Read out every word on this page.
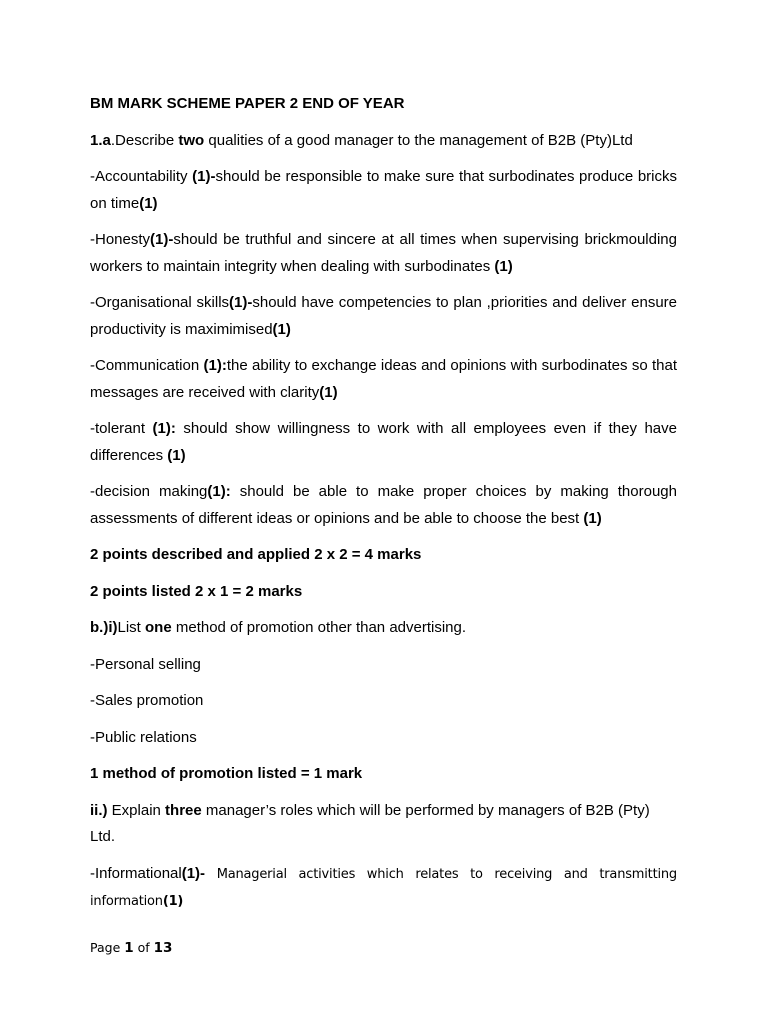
BM MARK SCHEME PAPER 2 END OF YEAR

1.a.Describe two qualities of a good manager to the management of B2B (Pty)Ltd

-Accountability (1)-should be responsible to make sure that surbodinates produce bricks on time(1)

-Honesty(1)-should be truthful and sincere at all times when supervising brickmoulding workers to maintain integrity when dealing with surbodinates (1)

-Organisational skills(1)-should have competencies to plan ,priorities and deliver ensure productivity is maximimised(1)

-Communication (1):the ability to exchange ideas and opinions with surbodinates so that messages are received with clarity(1)

-tolerant (1): should show willingness to work with all employees even if they have differences (1)

-decision making(1): should be able to make proper choices by making thorough assessments of different ideas or opinions and be able to choose the best (1)

2 points described and applied 2 x 2 = 4 marks

2 points listed 2 x 1 = 2 marks

b.)i)List one method of promotion other than advertising.

-Personal selling

-Sales promotion

-Public relations

1 method of promotion listed = 1 mark

ii.) Explain three manager’s roles which will be performed by managers of B2B (Pty) Ltd.

-Informational(1)- Managerial activities which relates to receiving and transmitting information(1)

Page 1 of 13
